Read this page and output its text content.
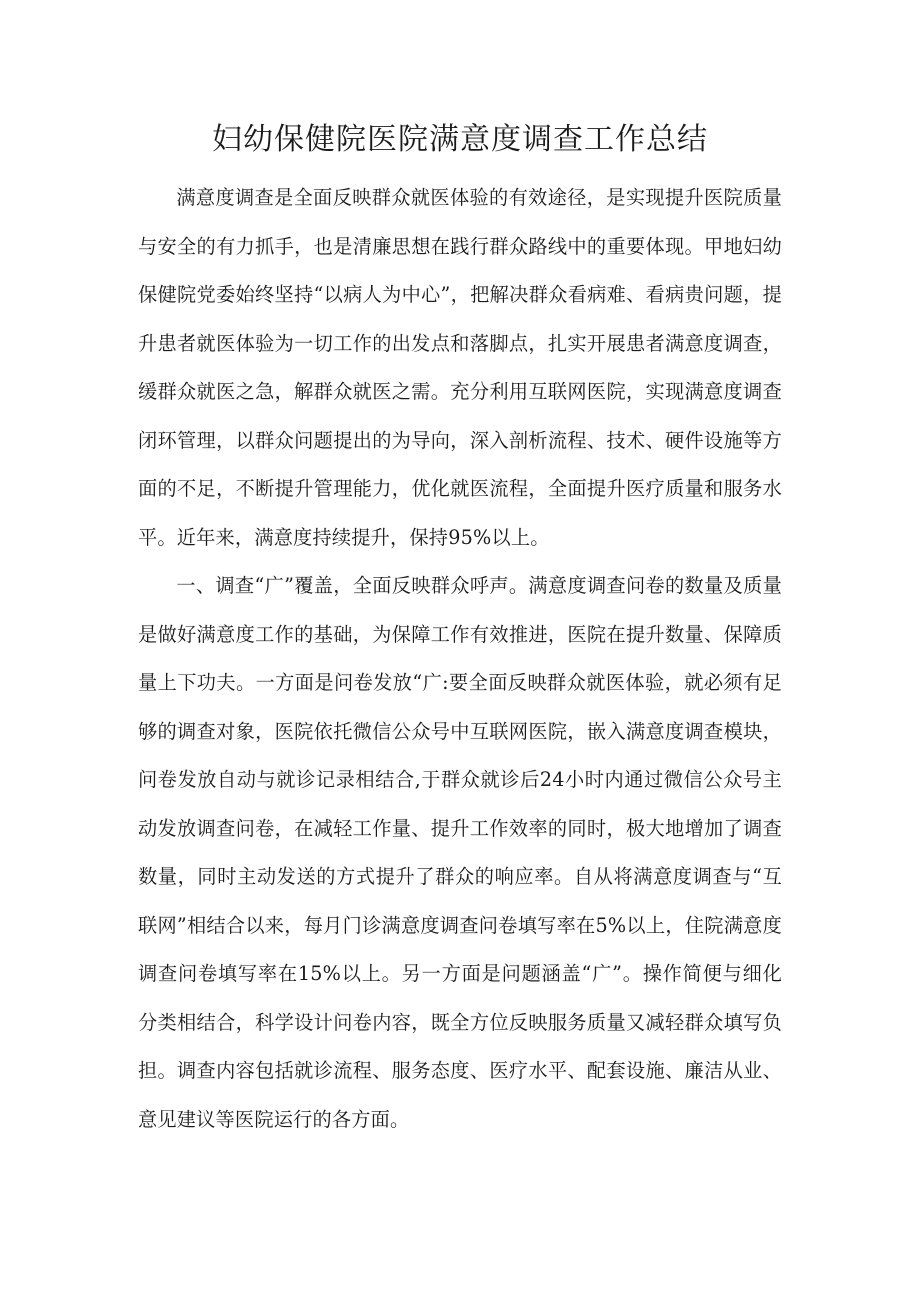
妇幼保健院医院满意度调查工作总结

满意度调查是全面反映群众就医体验的有效途径，是实现提升医院质量与安全的有力抓手，也是清廉思想在践行群众路线中的重要体现。甲地妇幼保健院党委始终坚持“以病人为中心”，把解决群众看病难、看病贵问题，提升患者就医体验为一切工作的出发点和落脚点，扎实开展患者满意度调查，缓群众就医之急，解群众就医之需。充分利用互联网医院，实现满意度调查闭环管理，以群众问题提出的为导向，深入剖析流程、技术、硬件设施等方面的不足，不断提升管理能力，优化就医流程，全面提升医疗质量和服务水平。近年来，满意度持续提升，保持95%以上。

一、调查“广”覆盖，全面反映群众呼声。满意度调查问卷的数量及质量是做好满意度工作的基础，为保障工作有效推进，医院在提升数量、保障质量上下功夫。一方面是问卷发放“广:要全面反映群众就医体验，就必须有足够的调查对象，医院依托微信公众号中互联网医院，嵌入满意度调查模块，问卷发放自动与就诊记录相结合,于群众就诊后24小时内通过微信公众号主动发放调查问卷，在减轻工作量、提升工作效率的同时，极大地增加了调查数量，同时主动发送的方式提升了群众的响应率。自从将满意度调查与“互联网”相结合以来，每月门诊满意度调查问卷填写率在5%以上，住院满意度调查问卷填写率在15%以上。另一方面是问题涵盖“广”。操作简便与细化分类相结合，科学设计问卷内容，既全方位反映服务质量又减轻群众填写负担。调查内容包括就诊流程、服务态度、医疗水平、配套设施、廉洁从业、意见建议等医院运行的各方面。
